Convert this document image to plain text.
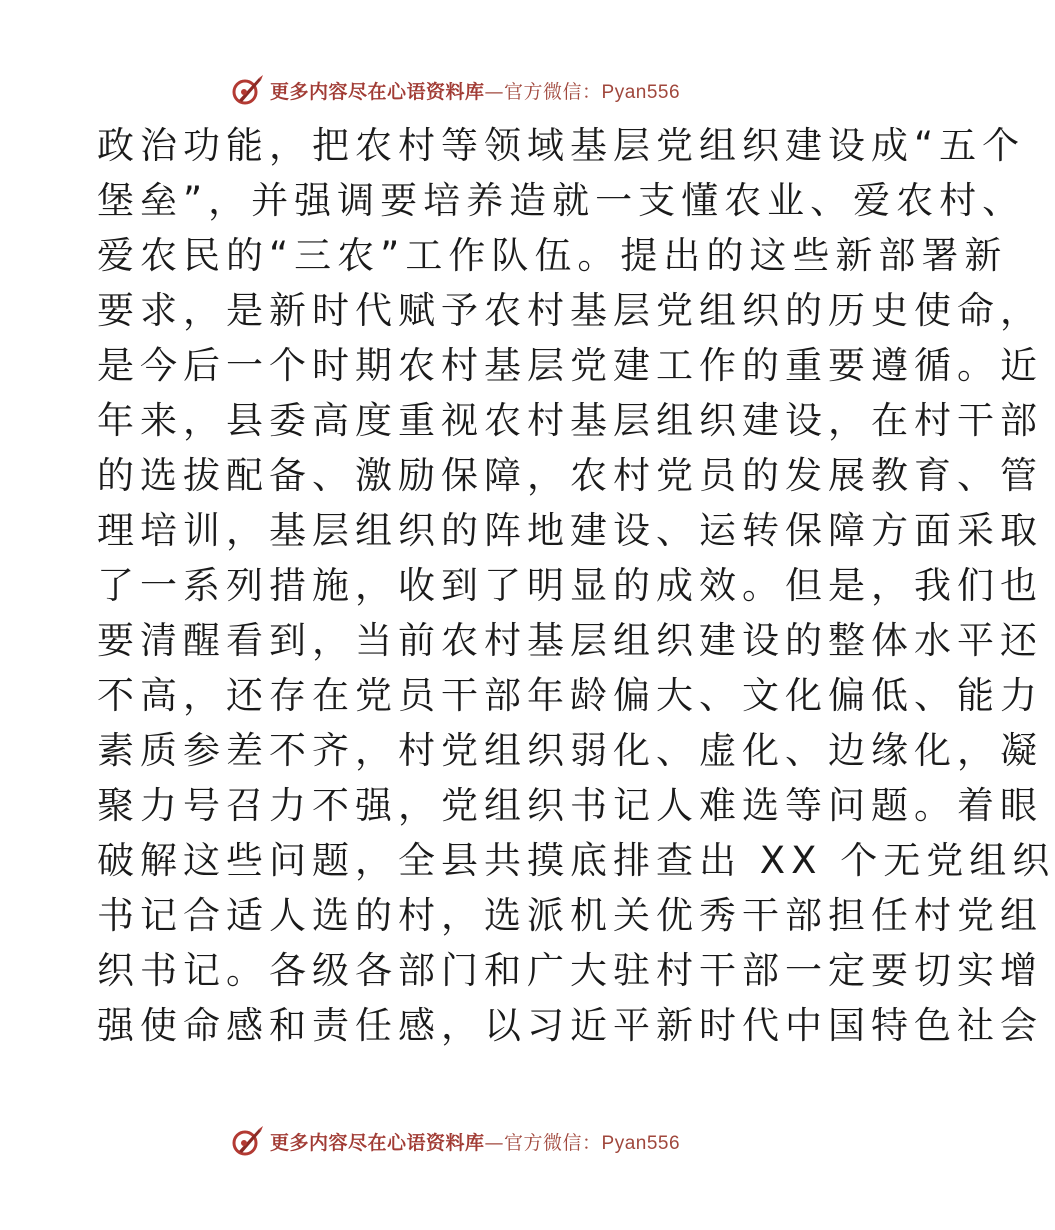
更多内容尽在心语资料库—官方微信：Pyan556
政治功能，把农村等领域基层党组织建设成“五个
堡垒”，并强调要培养造就一支懂农业、爱农村、
爱农民的“三农”工作队伍。提出的这些新部署新
要求，是新时代赋予农村基层党组织的历史使命，
是今后一个时期农村基层党建工作的重要遵循。近
年来，县委高度重视农村基层组织建设，在村干部
的选拔配备、激励保障，农村党员的发展教育、管
理培训，基层组织的阵地建设、运转保障方面采取
了一系列措施，收到了明显的成效。但是，我们也
要清醒看到，当前农村基层组织建设的整体水平还
不高，还存在党员干部年龄偏大、文化偏低、能力
素质参差不齐，村党组织弱化、虚化、边缘化，凝
聚力号召力不强，党组织书记人难选等问题。着眼
破解这些问题，全县共摸底排查出 XX 个无党组织
书记合适人选的村，选派机关优秀干部担任村党组
织书记。各级各部门和广大驻村干部一定要切实增
强使命感和责任感，以习近平新时代中国特色社会
更多内容尽在心语资料库—官方微信：Pyan556
